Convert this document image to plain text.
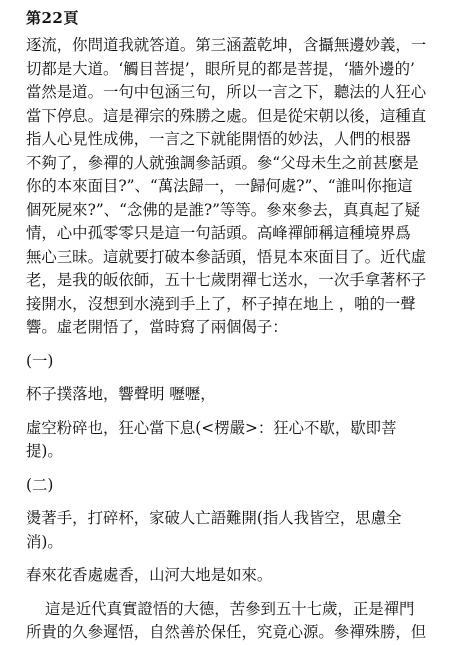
第22頁
逐流，你問道我就答道。第三涵蓋乾坤，含攝無邊妙義，一
切都是大道。‘觸目菩提’，眼所見的都是菩提，‘牆外邊的’
當然是道。一句中包涵三句，所以一言之下，聽法的人狂心
當下停息。這是禪宗的殊勝之處。但是從宋朝以後，這種直
指人心見性成佛，一言之下就能開悟的妙法，人們的根器
不夠了，參禪的人就強調參話頭。參“父母未生之前甚麼是
你的本來面目?”、“萬法歸一，一歸何處?”、“誰叫你拖這
個死屍來?”、“念佛的是誰?”等等。參來參去，真真起了疑
情，心中孤零零只是這一句話頭。高峰禪師稱這種境界爲
無心三昧。這就要打破本參話頭，悟見本來面目了。近代虛
老，是我的皈依師，五十七歲閉禪七送水，一次手拿著杯子
接開水，沒想到水澆到手上了，杯子掉在地上 ，啪的一聲
響。虛老開悟了，當時寫了兩個偈子：
(一)
杯子撲落地，響聲明 嚦嚦，
虛空粉碎也，狂心當下息(<楞嚴>：狂心不歇，歇即菩
提)。
(二)
燙著手，打碎杯，家破人亡語難開(指人我皆空，思慮全
消)。
春來花香處處香，山河大地是如來。
這是近代真實證悟的大德，苦參到五十七歲，正是禪門
所貴的久參遲悟，自然善於保任，究竟心源。參禪殊勝，但
